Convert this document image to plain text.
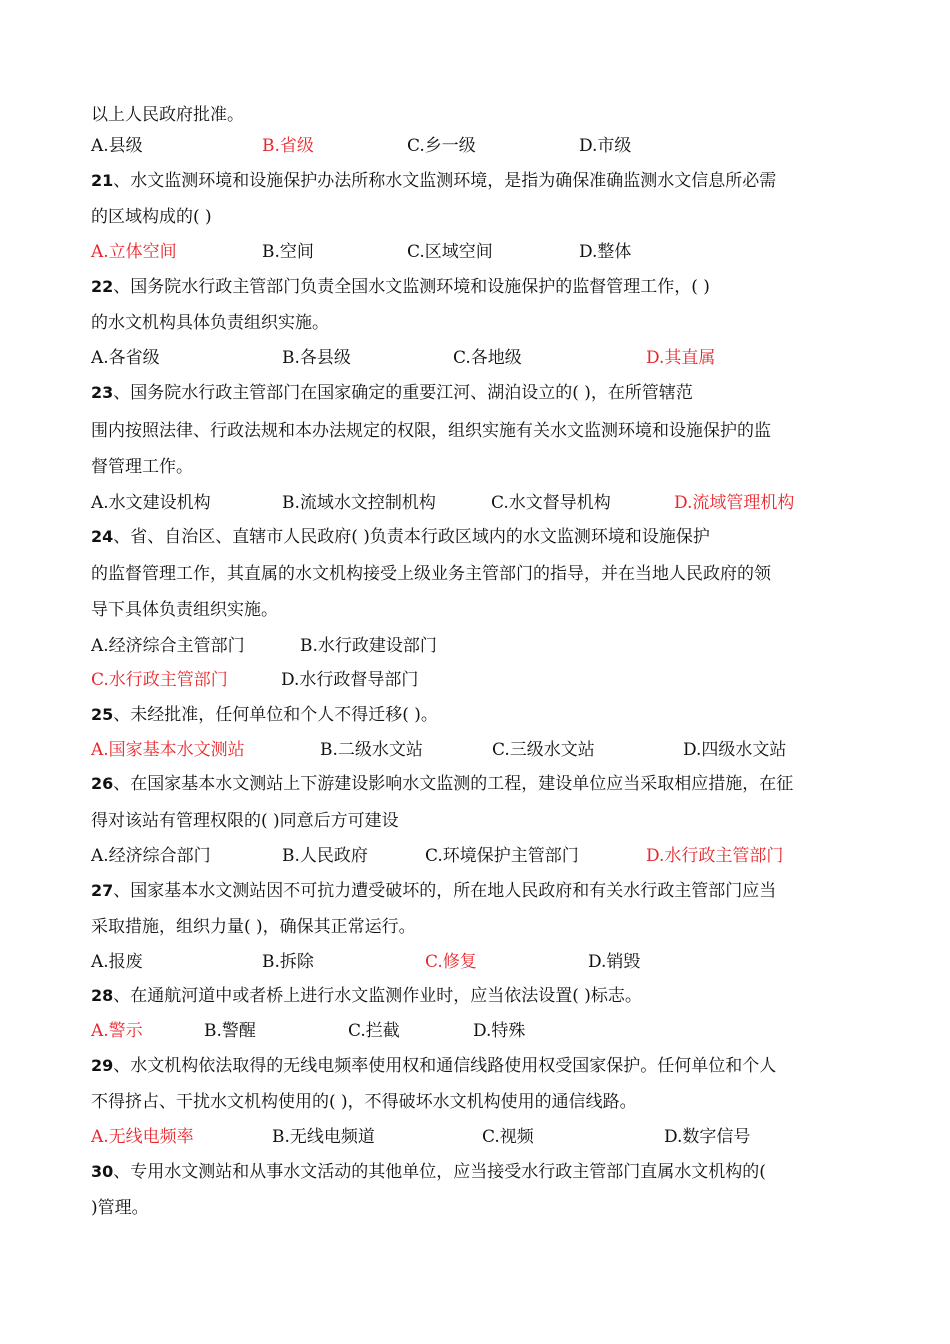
以上人民政府批准。
A.县级	B.省级	C.乡一级	D.市级
21、水文监测环境和设施保护办法所称水文监测环境，是指为确保准确监测水文信息所必需
的区域构成的( )
A.立体空间	B.空间	C.区域空间	D.整体
22、国务院水行政主管部门负责全国水文监测环境和设施保护的监督管理工作，( )
的水文机构具体负责组织实施。
A.各省级	B.各县级	C.各地级	D.其直属
23、国务院水行政主管部门在国家确定的重要江河、湖泊设立的( )，在所管辖范
围内按照法律、行政法规和本办法规定的权限，组织实施有关水文监测环境和设施保护的监
督管理工作。
A.水文建设机构	B.流域水文控制机构	C.水文督导机构	D.流域管理机构
24、省、自治区、直辖市人民政府( )负责本行政区域内的水文监测环境和设施保护
的监督管理工作，其直属的水文机构接受上级业务主管部门的指导，并在当地人民政府的领
导下具体负责组织实施。
A.经济综合主管部门	B.水行政建设部门
C.水行政主管部门	D.水行政督导部门
25、未经批准，任何单位和个人不得迁移( )。
A.国家基本水文测站	B.二级水文站	C.三级水文站	D.四级水文站
26、在国家基本水文测站上下游建设影响水文监测的工程，建设单位应当采取相应措施，在征
得对该站有管理权限的( )同意后方可建设
A.经济综合部门	B.人民政府	C.环境保护主管部门	D.水行政主管部门
27、国家基本水文测站因不可抗力遭受破坏的，所在地人民政府和有关水行政主管部门应当
采取措施，组织力量( )，确保其正常运行。
A.报废	B.拆除	C.修复	D.销毁
28、在通航河道中或者桥上进行水文监测作业时，应当依法设置( )标志。
A.警示	B.警醒	C.拦截	D.特殊
29、水文机构依法取得的无线电频率使用权和通信线路使用权受国家保护。任何单位和个人
不得挤占、干扰水文机构使用的( )，不得破坏水文机构使用的通信线路。
A.无线电频率	B.无线电频道	C.视频	D.数字信号
30、专用水文测站和从事水文活动的其他单位，应当接受水行政主管部门直属水文机构的(
)管理。
